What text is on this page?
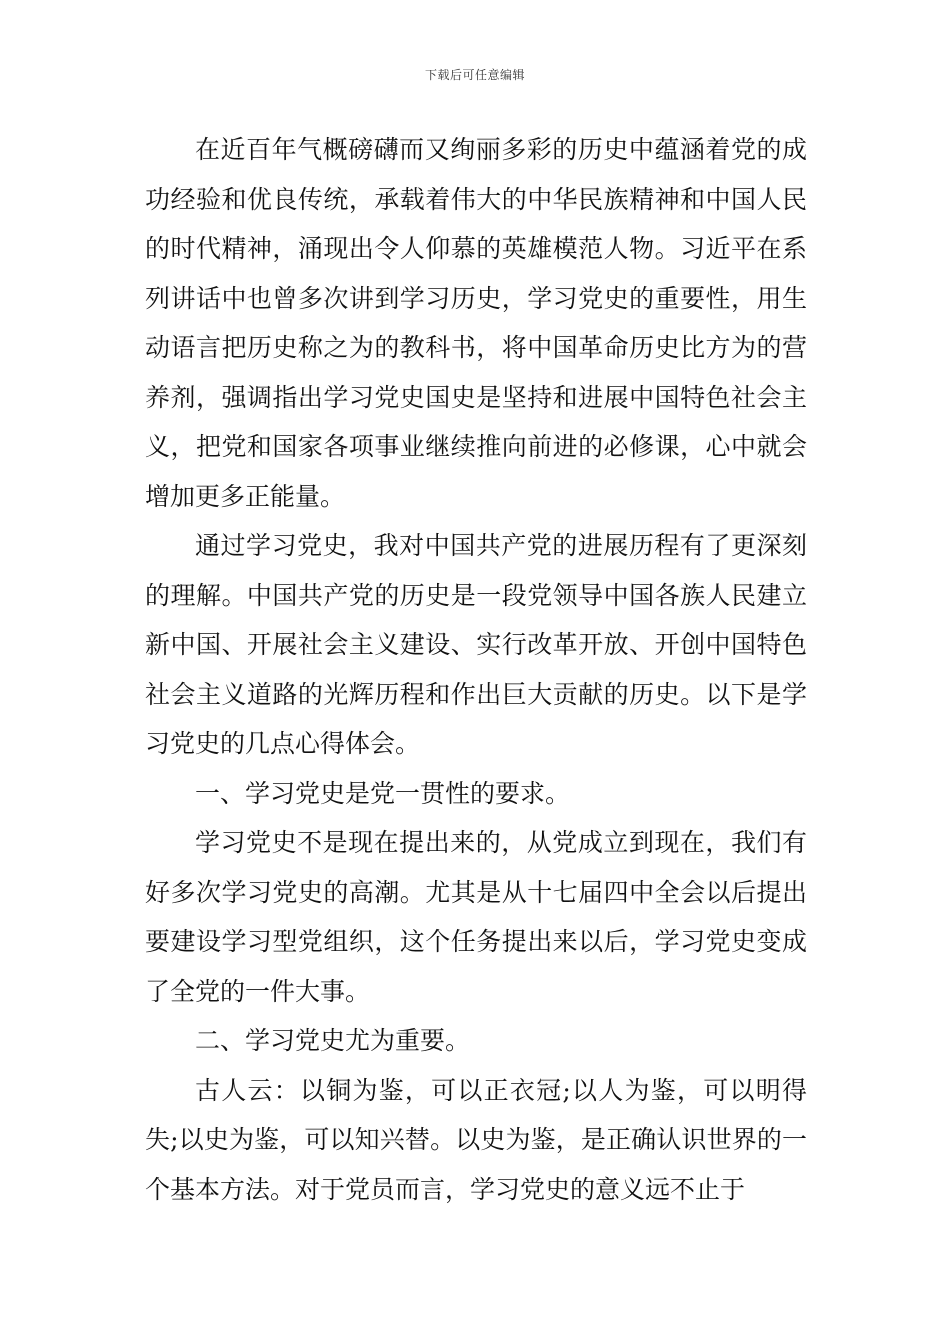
下载后可任意编辑

在近百年气概磅礴而又绚丽多彩的历史中蕴涵着党的成功经验和优良传统，承载着伟大的中华民族精神和中国人民的时代精神，涌现出令人仰慕的英雄模范人物。习近平在系列讲话中也曾多次讲到学习历史，学习党史的重要性，用生动语言把历史称之为的教科书，将中国革命历史比方为的营养剂，强调指出学习党史国史是坚持和进展中国特色社会主义，把党和国家各项事业继续推向前进的必修课，心中就会增加更多正能量。

通过学习党史，我对中国共产党的进展历程有了更深刻的理解。中国共产党的历史是一段党领导中国各族人民建立新中国、开展社会主义建设、实行改革开放、开创中国特色社会主义道路的光辉历程和作出巨大贡献的历史。以下是学习党史的几点心得体会。

一、学习党史是党一贯性的要求。

学习党史不是现在提出来的，从党成立到现在，我们有好多次学习党史的高潮。尤其是从十七届四中全会以后提出要建设学习型党组织，这个任务提出来以后，学习党史变成了全党的一件大事。

二、学习党史尤为重要。

古人云：以铜为鉴，可以正衣冠;以人为鉴，可以明得失;以史为鉴，可以知兴替。以史为鉴，是正确认识世界的一个基本方法。对于党员而言，学习党史的意义远不止于
